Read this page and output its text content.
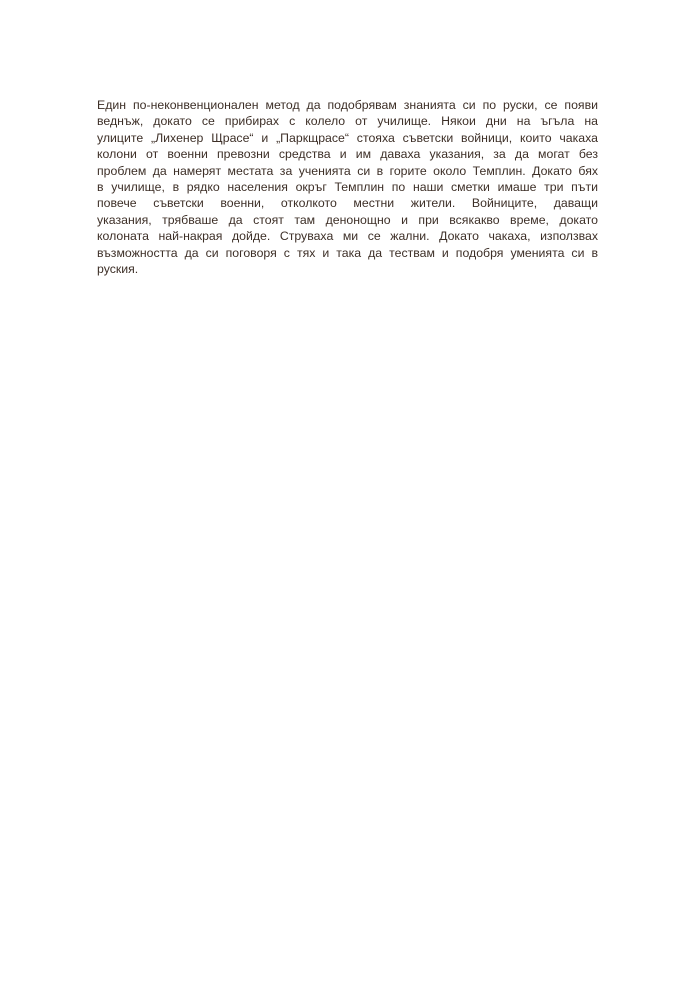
Един по-неконвенционален метод да подобрявам знанията си по руски, се появи
веднъж, докато се прибирах с колело от училище. Някои дни на ъгъла на
улиците „Лихенер Щрасе“ и „Паркщрасе“ стояха съветски войници, които чакаха
колони от военни превозни средства и им даваха указания, за да могат без
проблем да намерят местата за ученията си в горите около Темплин. Докато бях
в училище, в рядко населения окръг Темплин по наши сметки имаше три пъти
повече съветски военни, отколкото местни жители. Войниците, даващи
указания, трябваше да стоят там денонощно и при всякакво време, докато
колоната най-накрая дойде. Струваха ми се жални. Докато чакаха, използвах
възможността да си поговоря с тях и така да тествам и подобря уменията си в
руския.
